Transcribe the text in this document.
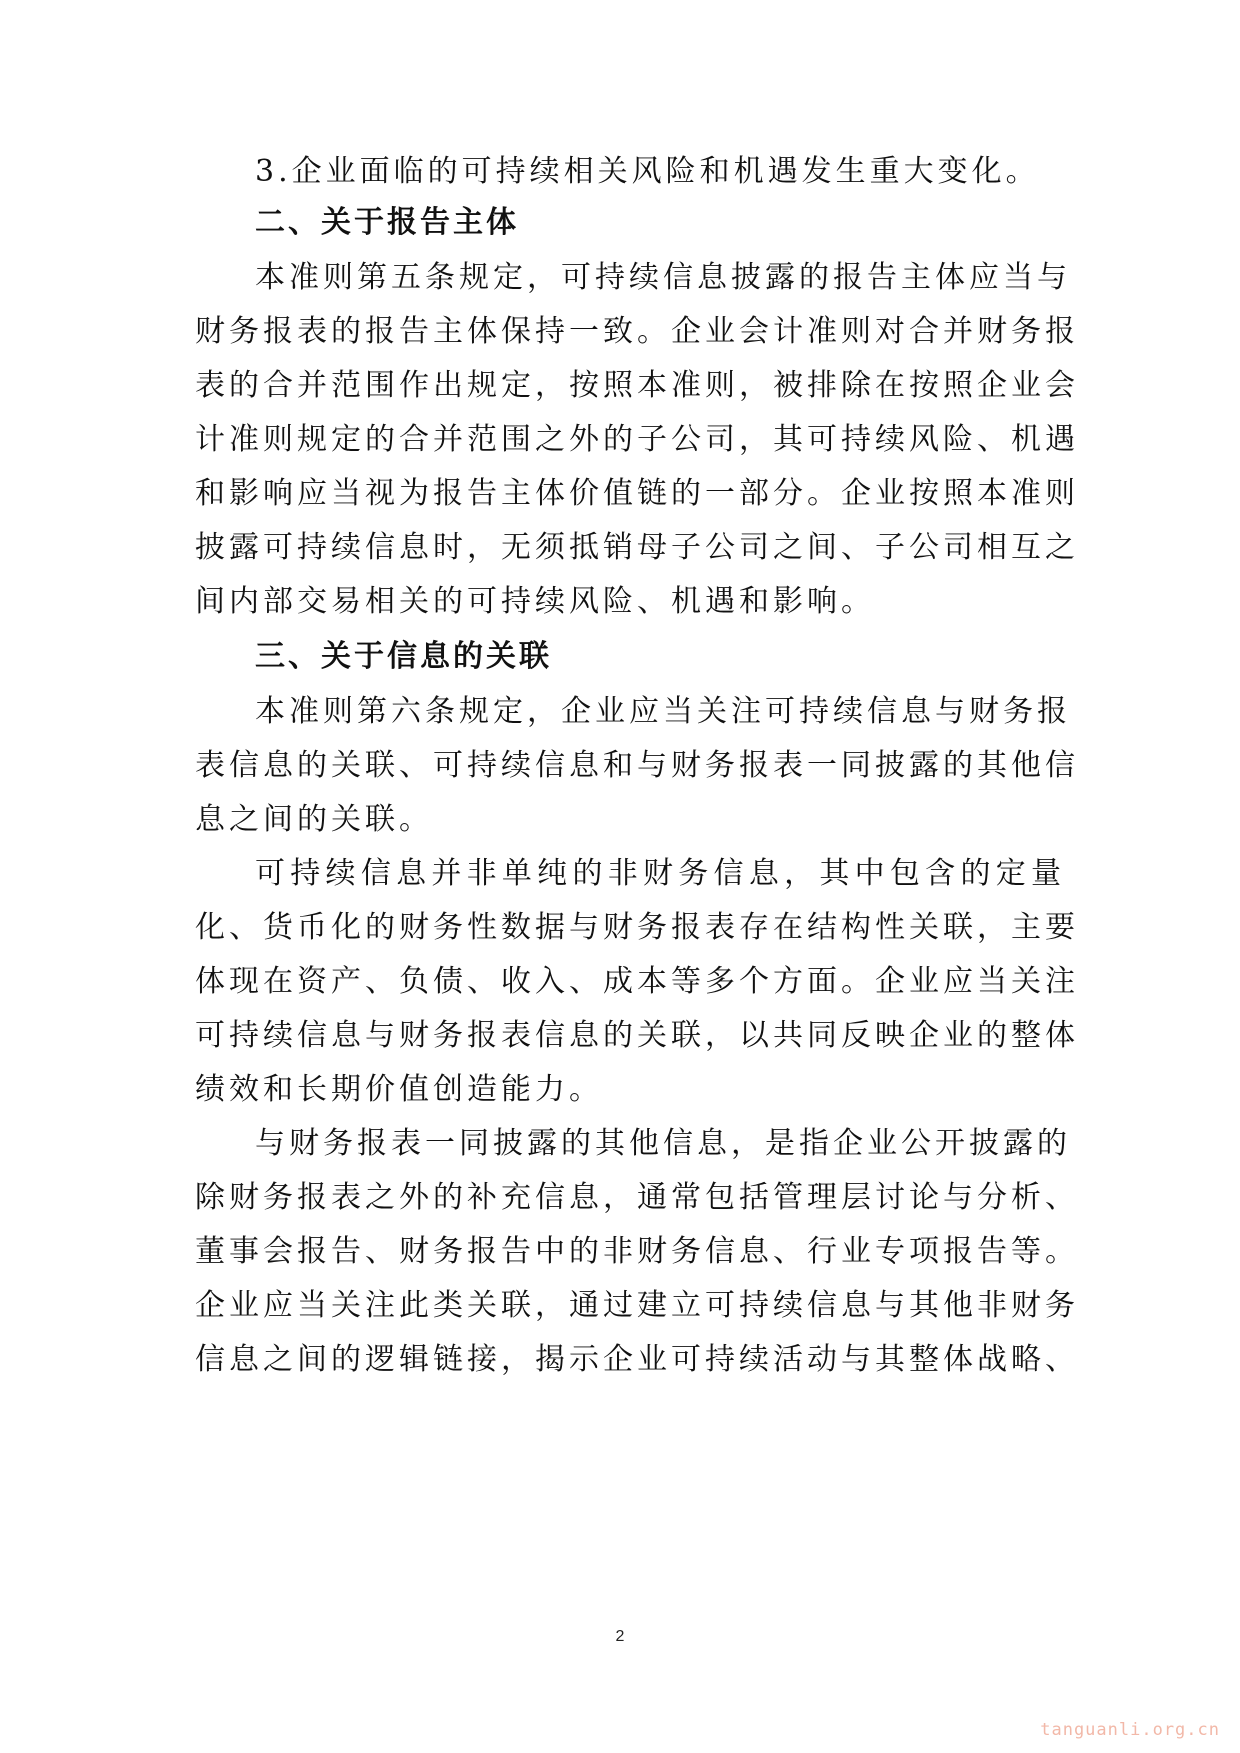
3.企业面临的可持续相关风险和机遇发生重大变化。
二、关于报告主体
本准则第五条规定，可持续信息披露的报告主体应当与
财务报表的报告主体保持一致。企业会计准则对合并财务报
表的合并范围作出规定，按照本准则，被排除在按照企业会
计准则规定的合并范围之外的子公司，其可持续风险、机遇
和影响应当视为报告主体价值链的一部分。企业按照本准则
披露可持续信息时，无须抵销母子公司之间、子公司相互之
间内部交易相关的可持续风险、机遇和影响。
三、关于信息的关联
本准则第六条规定，企业应当关注可持续信息与财务报
表信息的关联、可持续信息和与财务报表一同披露的其他信
息之间的关联。
可持续信息并非单纯的非财务信息，其中包含的定量
化、货币化的财务性数据与财务报表存在结构性关联，主要
体现在资产、负债、收入、成本等多个方面。企业应当关注
可持续信息与财务报表信息的关联，以共同反映企业的整体
绩效和长期价值创造能力。
与财务报表一同披露的其他信息，是指企业公开披露的
除财务报表之外的补充信息，通常包括管理层讨论与分析、
董事会报告、财务报告中的非财务信息、行业专项报告等。
企业应当关注此类关联，通过建立可持续信息与其他非财务
信息之间的逻辑链接，揭示企业可持续活动与其整体战略、
2
tanguanli.org.cn
